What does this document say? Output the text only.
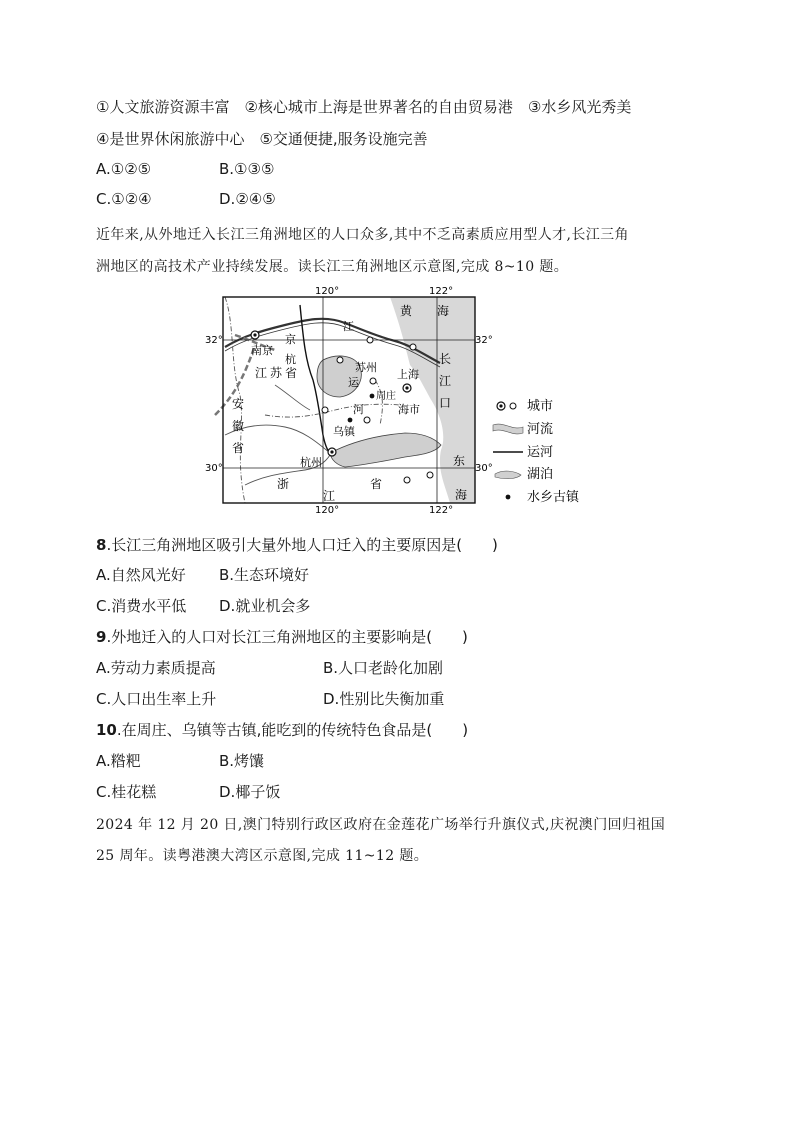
①人文旅游资源丰富　②核心城市上海是世界著名的自由贸易港　③水乡风光秀美
④是世界休闲旅游中心　⑤交通便捷,服务设施完善
A.①②⑤	B.①③⑤
C.①②④	D.②④⑤
近年来,从外地迁入长江三角洲地区的人口众多,其中不乏高素质应用型人才,长江三角
洲地区的高技术产业持续发展。读长江三角洲地区示意图,完成 8~10 题。
120°	122°
120°	122°
32°	32°
30°	30°
南京
上海
杭州
苏州
周庄
乌镇
江
江苏省
安
徽
省
浙
江
省
黄 海
长
江
口
东
海
海市
运
河
京
杭
城市
河流
运河
湖泊
水乡古镇
8.长江三角洲地区吸引大量外地人口迁入的主要原因是(　　)
A.自然风光好 B.生态环境好
C.消费水平低 D.就业机会多
9.外地迁入的人口对长江三角洲地区的主要影响是(　　)
A.劳动力素质提高	B.人口老龄化加剧
C.人口出生率上升	D.性别比失衡加重
10.在周庄、乌镇等古镇,能吃到的传统特色食品是(　　)
A.糌粑	B.烤馕
C.桂花糕	D.椰子饭
2024 年 12 月 20 日,澳门特别行政区政府在金莲花广场举行升旗仪式,庆祝澳门回归祖国
25 周年。读粤港澳大湾区示意图,完成 11~12 题。
